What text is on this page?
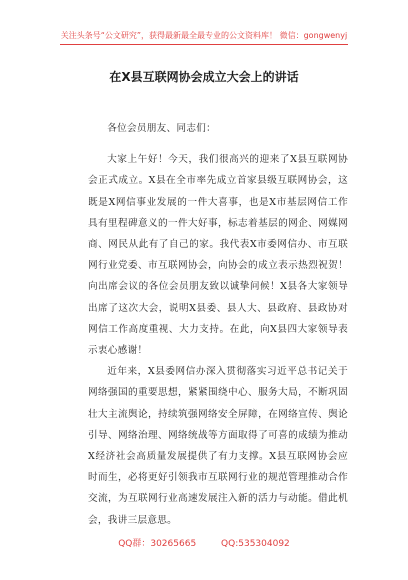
关注头条号“公文研究”，获得最新最全最专业的公文资料库！ 微信：gongwenyj
在X县互联网协会成立大会上的讲话

各位会员朋友、同志们：

大家上午好！今天，我们很高兴的迎来了X县互联网协会正式成立。X县在全市率先成立首家县级互联网协会，这既是X网信事业发展的一件大喜事，也是X市基层网信工作具有里程碑意义的一件大好事，标志着基层的网企、网媒网商、网民从此有了自己的家。我代表X市委网信办、市互联网行业党委、市互联网协会，向协会的成立表示热烈祝贺！向出席会议的各位会员朋友致以诚挚问候！X县各大家领导出席了这次大会，说明X县委、县人大、县政府、县政协对网信工作高度重视、大力支持。在此，向X县四大家领导表示衷心感谢！

近年来，X县委网信办深入贯彻落实习近平总书记关于网络强国的重要思想，紧紧围绕中心、服务大局，不断巩固壮大主流舆论，持续筑强网络安全屏障，在网络宣传、舆论引导、网络治理、网络统战等方面取得了可喜的成绩为推动X经济社会高质量发展提供了有力支撑。X县互联网协会应时而生，必将更好引领我市互联网行业的规范管理推动合作交流，为互联网行业高速发展注入新的活力与动能。借此机会，我讲三层意思。

QQ群：30265665	QQ:535304092
